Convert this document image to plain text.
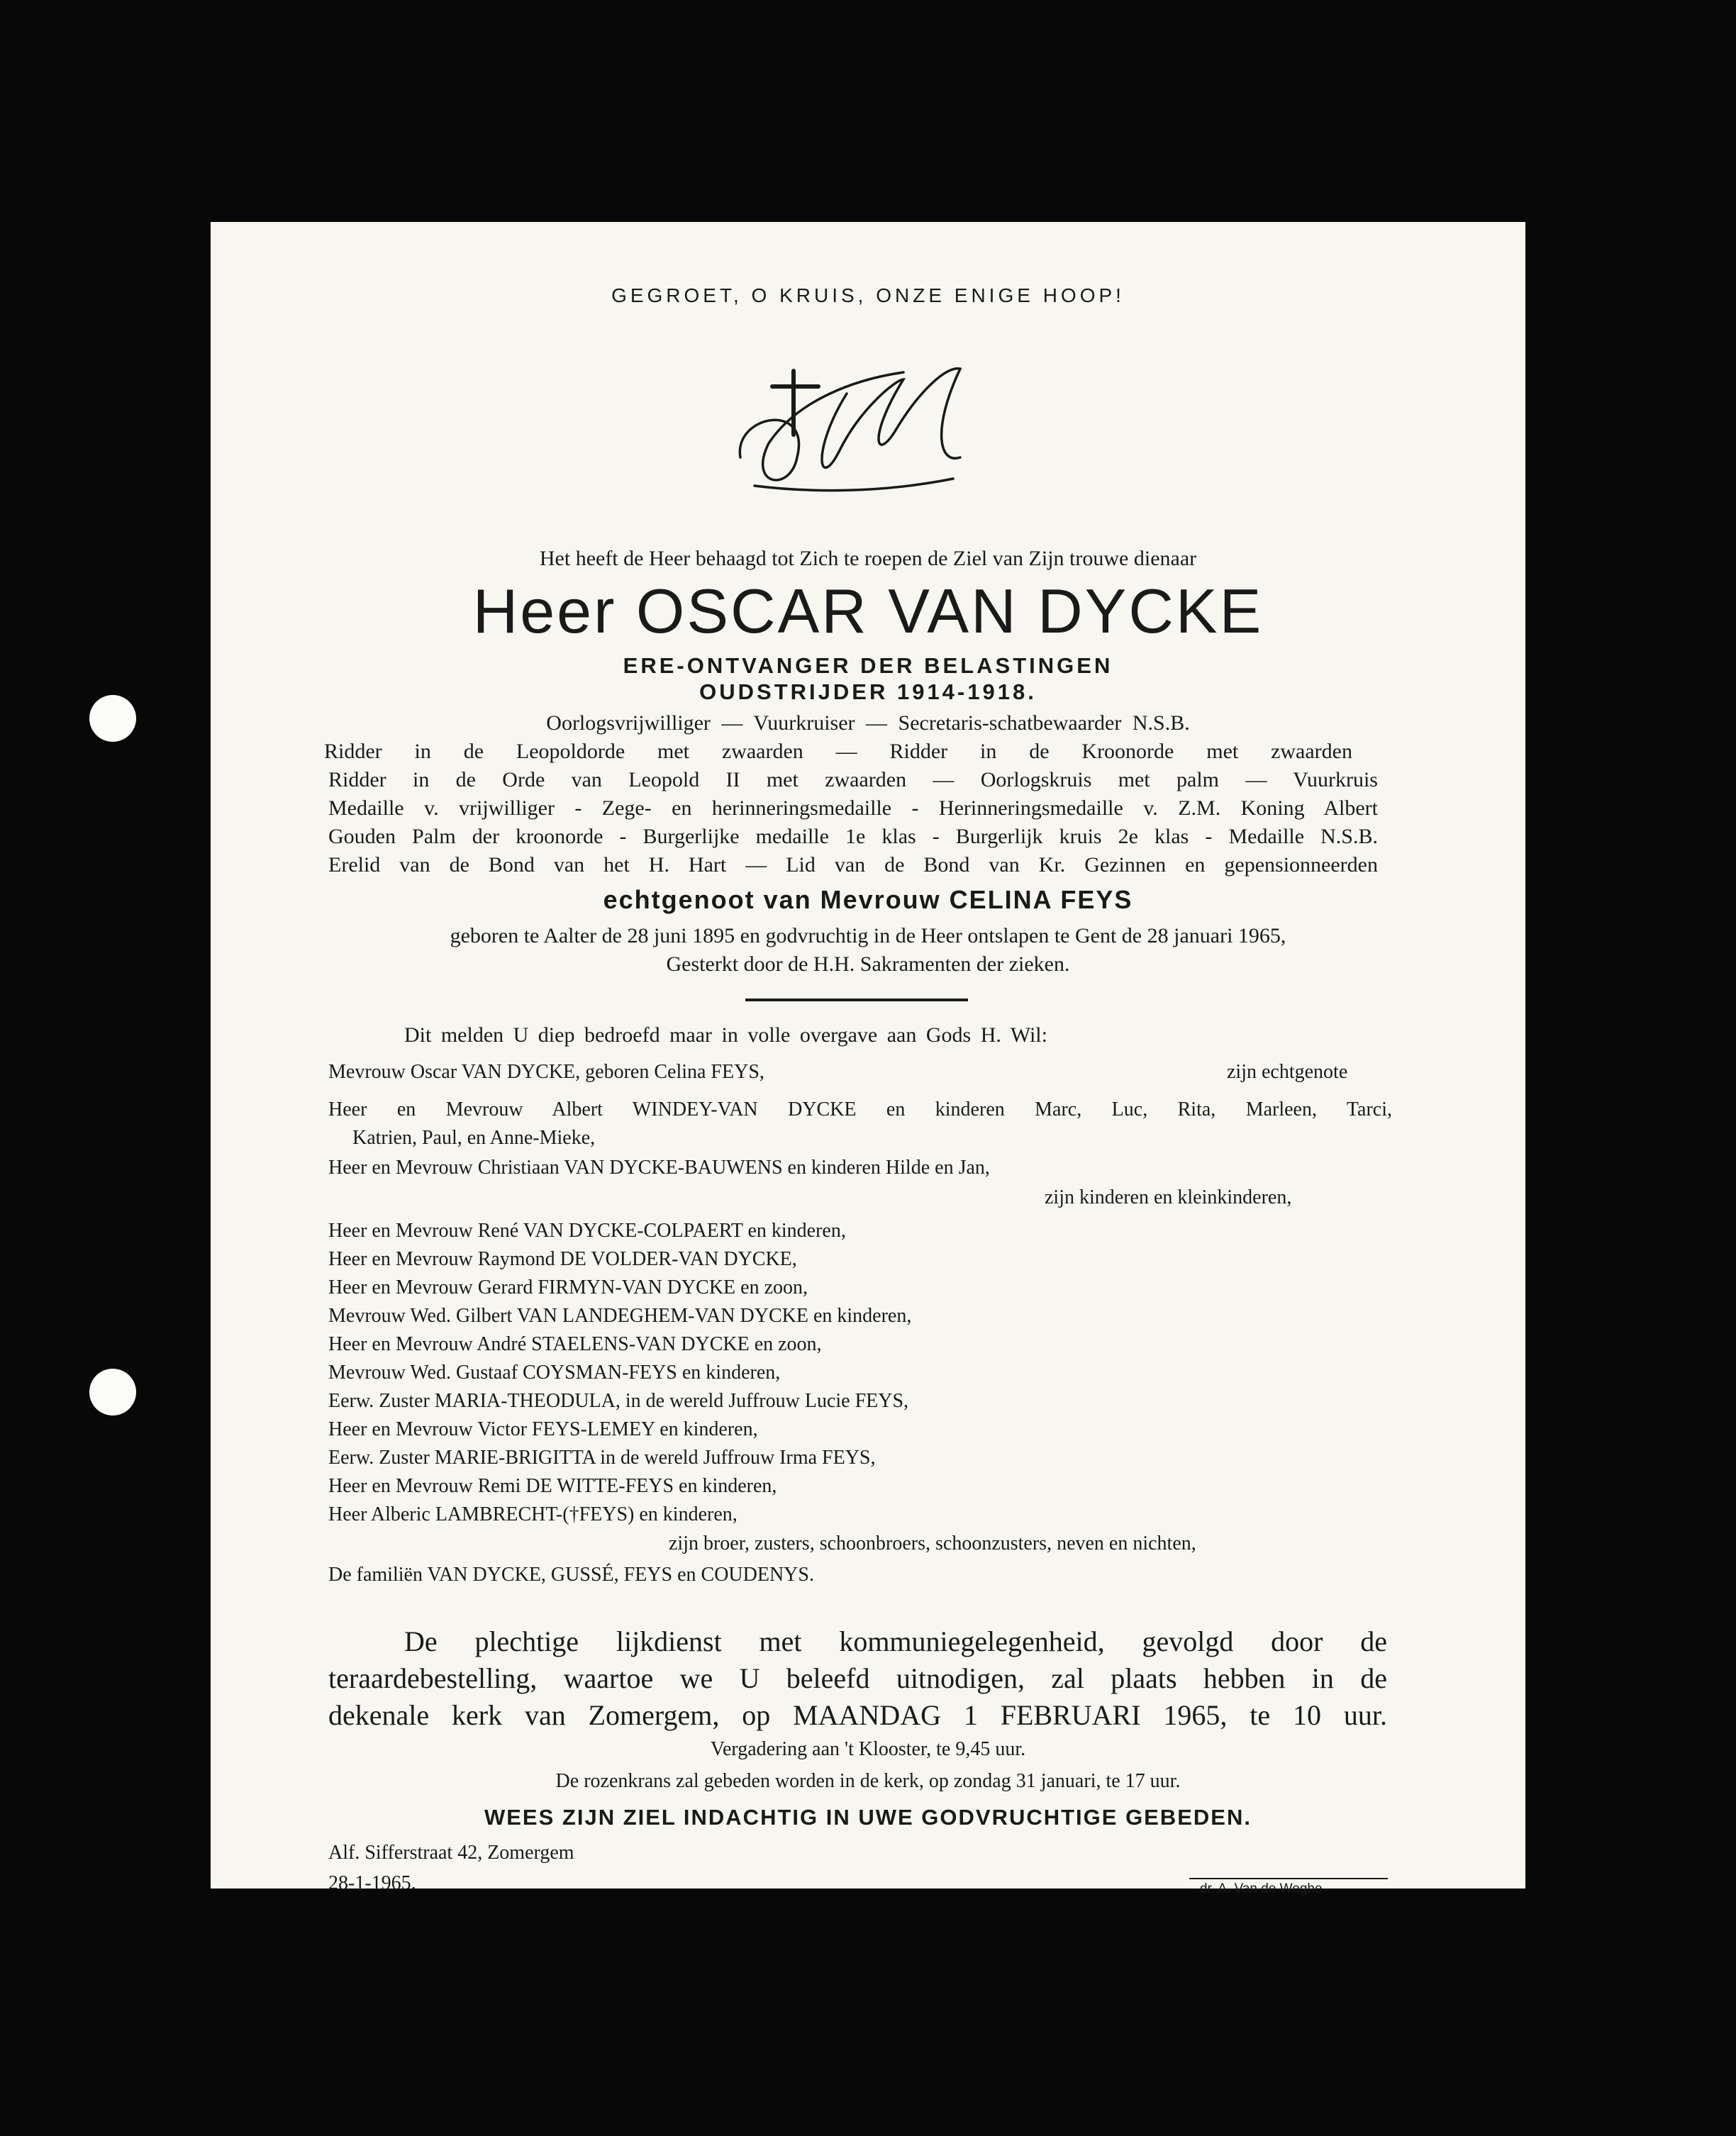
GEGROET, O KRUIS, ONZE ENIGE HOOP!
Het heeft de Heer behaagd tot Zich te roepen de Ziel van Zijn trouwe dienaar
Heer OSCAR VAN DYCKE
ERE-ONTVANGER DER BELASTINGEN
OUDSTRIJDER 1914-1918.
Oorlogsvrijwilliger — Vuurkruiser — Secretaris-schatbewaarder N.S.B.
Ridder in de Leopoldorde met zwaarden — Ridder in de Kroonorde met zwaarden
Ridder in de Orde van Leopold II met zwaarden — Oorlogskruis met palm — Vuurkruis
Medaille v. vrijwilliger - Zege- en herinneringsmedaille - Herinneringsmedaille v. Z.M. Koning Albert
Gouden Palm der kroonorde - Burgerlijke medaille 1e klas - Burgerlijk kruis 2e klas - Medaille N.S.B.
Erelid van de Bond van het H. Hart — Lid van de Bond van Kr. Gezinnen en gepensionneerden
echtgenoot van Mevrouw CELINA FEYS
geboren te Aalter de 28 juni 1895 en godvruchtig in de Heer ontslapen te Gent de 28 januari 1965,
Gesterkt door de H.H. Sakramenten der zieken.
Dit melden U diep bedroefd maar in volle overgave aan Gods H. Wil:
Mevrouw Oscar VAN DYCKE, geboren Celina FEYS,	zijn echtgenote
Heer en Mevrouw Albert WINDEY-VAN DYCKE en kinderen Marc, Luc, Rita, Marleen, Tarci,
Katrien, Paul, en Anne-Mieke,
Heer en Mevrouw Christiaan VAN DYCKE-BAUWENS en kinderen Hilde en Jan,
zijn kinderen en kleinkinderen,
Heer en Mevrouw René VAN DYCKE-COLPAERT en kinderen,
Heer en Mevrouw Raymond DE VOLDER-VAN DYCKE,
Heer en Mevrouw Gerard FIRMYN-VAN DYCKE en zoon,
Mevrouw Wed. Gilbert VAN LANDEGHEM-VAN DYCKE en kinderen,
Heer en Mevrouw André STAELENS-VAN DYCKE en zoon,
Mevrouw Wed. Gustaaf COYSMAN-FEYS en kinderen,
Eerw. Zuster MARIA-THEODULA, in de wereld Juffrouw Lucie FEYS,
Heer en Mevrouw Victor FEYS-LEMEY en kinderen,
Eerw. Zuster MARIE-BRIGITTA in de wereld Juffrouw Irma FEYS,
Heer en Mevrouw Remi DE WITTE-FEYS en kinderen,
Heer Alberic LAMBRECHT-(†FEYS) en kinderen,
zijn broer, zusters, schoonbroers, schoonzusters, neven en nichten,
De familiën VAN DYCKE, GUSSÉ, FEYS en COUDENYS.
De plechtige lijkdienst met kommuniegelegenheid, gevolgd door de
teraardebestelling, waartoe we U beleefd uitnodigen, zal plaats hebben in de
dekenale kerk van Zomergem, op MAANDAG 1 FEBRUARI 1965, te 10 uur.
Vergadering aan 't Klooster, te 9,45 uur.
De rozenkrans zal gebeden worden in de kerk, op zondag 31 januari, te 17 uur.
WEES ZIJN ZIEL INDACHTIG IN UWE GODVRUCHTIGE GEBEDEN.
Alf. Sifferstraat 42, Zomergem
28-1-1965.	dr. A. Van de Weghe
